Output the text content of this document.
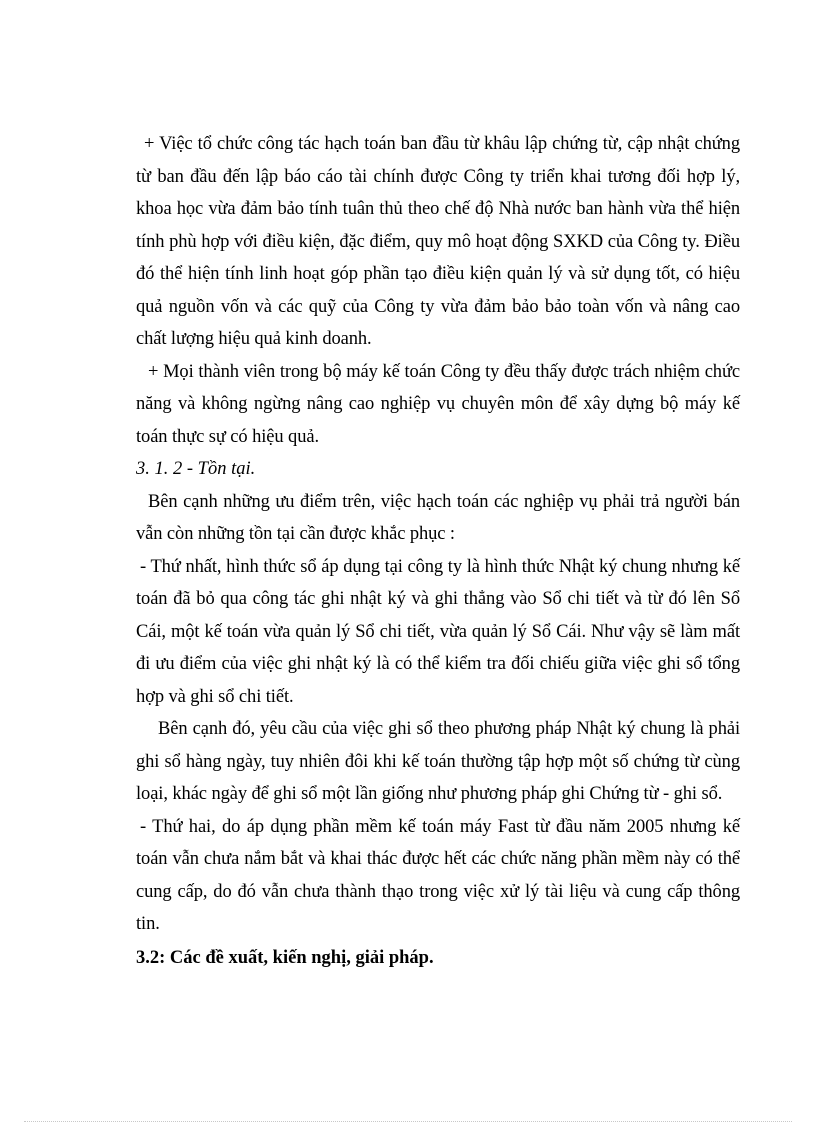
+ Việc tổ chức công tác hạch toán ban đầu từ khâu lập chứng từ, cập nhật chứng từ ban đầu đến lập báo cáo tài chính được Công ty triển khai tương đối hợp lý, khoa học vừa đảm bảo tính tuân thủ theo chế độ Nhà nước ban hành vừa thể hiện tính phù hợp với điều kiện, đặc điểm, quy mô hoạt động SXKD của Công ty. Điều đó thể hiện tính linh hoạt góp phần tạo điều kiện quản lý và sử dụng tốt, có hiệu quả nguồn vốn và các quỹ của Công ty vừa đảm bảo bảo toàn vốn và nâng cao chất lượng hiệu quả kinh doanh.

+ Mọi thành viên trong bộ máy kế toán Công ty đều thấy được trách nhiệm chức năng và không ngừng nâng cao nghiệp vụ chuyên môn để xây dựng bộ máy kế toán thực sự có hiệu quả.

3. 1. 2 - Tồn tại.

Bên cạnh những ưu điểm trên, việc hạch toán các nghiệp vụ phải trả người bán vẫn còn những tồn tại cần được khắc phục :

- Thứ nhất, hình thức sổ áp dụng tại công ty là hình thức Nhật ký chung nhưng kế toán đã bỏ qua công tác ghi nhật ký và ghi thẳng vào Sổ chi tiết và từ đó lên Sổ Cái, một kế toán vừa quản lý Sổ chi tiết, vừa quản lý Sổ Cái. Như vậy sẽ làm mất đi ưu điểm của việc ghi nhật ký là có thể kiểm tra đối chiếu giữa việc ghi sổ tổng hợp và ghi sổ chi tiết.

Bên cạnh đó, yêu cầu của việc ghi sổ theo phương pháp Nhật ký chung là phải ghi sổ hàng ngày, tuy nhiên đôi khi kế toán thường tập hợp một số chứng từ cùng loại, khác ngày để ghi sổ một lần giống như phương pháp ghi Chứng từ - ghi sổ.

- Thứ hai, do áp dụng phần mềm kế toán máy Fast từ đầu năm 2005 nhưng kế toán vẫn chưa nắm bắt và khai thác được hết các chức năng phần mềm này có thể cung cấp, do đó vẫn chưa thành thạo trong việc xử lý tài liệu và cung cấp thông tin.

3.2: Các đề xuất, kiến nghị, giải pháp.
